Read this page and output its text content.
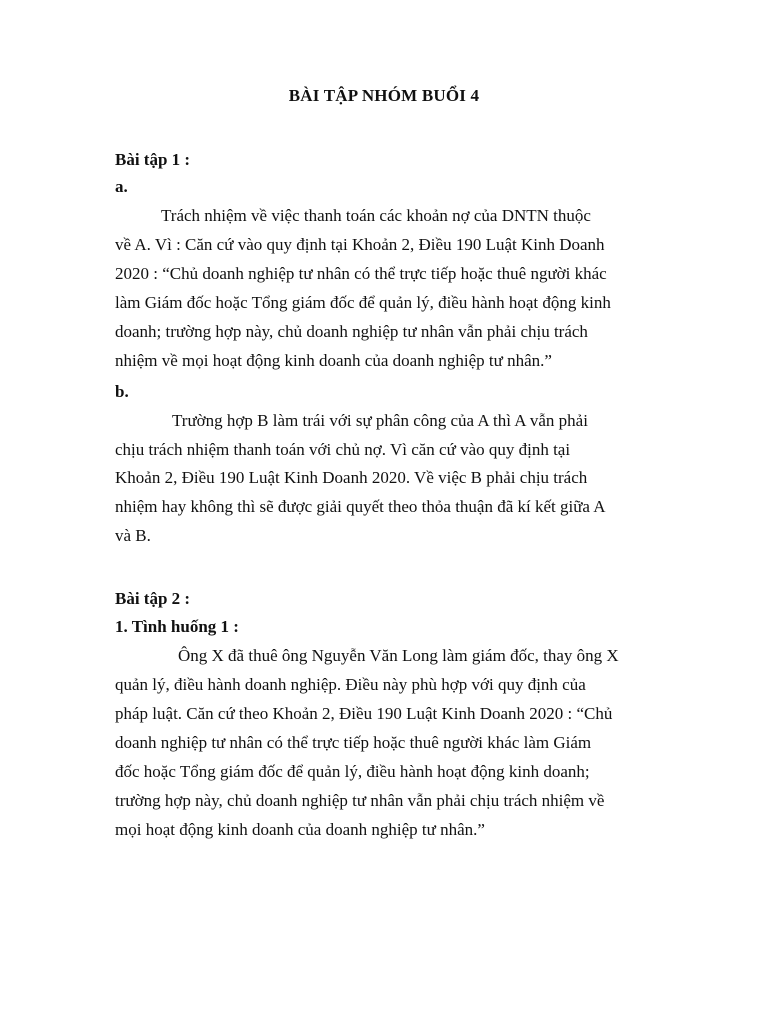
BÀI TẬP NHÓM BUỔI 4
Bài tập 1 :
a.
Trách nhiệm về việc thanh toán các khoản nợ của DNTN thuộc
về A. Vì : Căn cứ vào quy định tại Khoản 2, Điều 190 Luật Kinh Doanh
2020 : “Chủ doanh nghiệp tư nhân có thể trực tiếp hoặc thuê người khác
làm Giám đốc hoặc Tổng giám đốc để quản lý, điều hành hoạt động kinh
doanh; trường hợp này, chủ doanh nghiệp tư nhân vẫn phải chịu trách
nhiệm về mọi hoạt động kinh doanh của doanh nghiệp tư nhân.”
b.
Trường hợp B làm trái với sự phân công của A thì A vẫn phải
chịu trách nhiệm thanh toán với chủ nợ. Vì căn cứ vào quy định tại
Khoản 2, Điều 190 Luật Kinh Doanh 2020. Về việc B phải chịu trách
nhiệm hay không thì sẽ được giải quyết theo thỏa thuận đã kí kết giữa A
và B.
Bài tập 2 :
1. Tình huống 1 :
Ông X đã thuê ông Nguyễn Văn Long làm giám đốc, thay ông X
quản lý, điều hành doanh nghiệp. Điều này phù hợp với quy định của
pháp luật. Căn cứ theo Khoản 2, Điều 190 Luật Kinh Doanh 2020 : “Chủ
doanh nghiệp tư nhân có thể trực tiếp hoặc thuê người khác làm Giám
đốc hoặc Tổng giám đốc để quản lý, điều hành hoạt động kinh doanh;
trường hợp này, chủ doanh nghiệp tư nhân vẫn phải chịu trách nhiệm về
mọi hoạt động kinh doanh của doanh nghiệp tư nhân.”
